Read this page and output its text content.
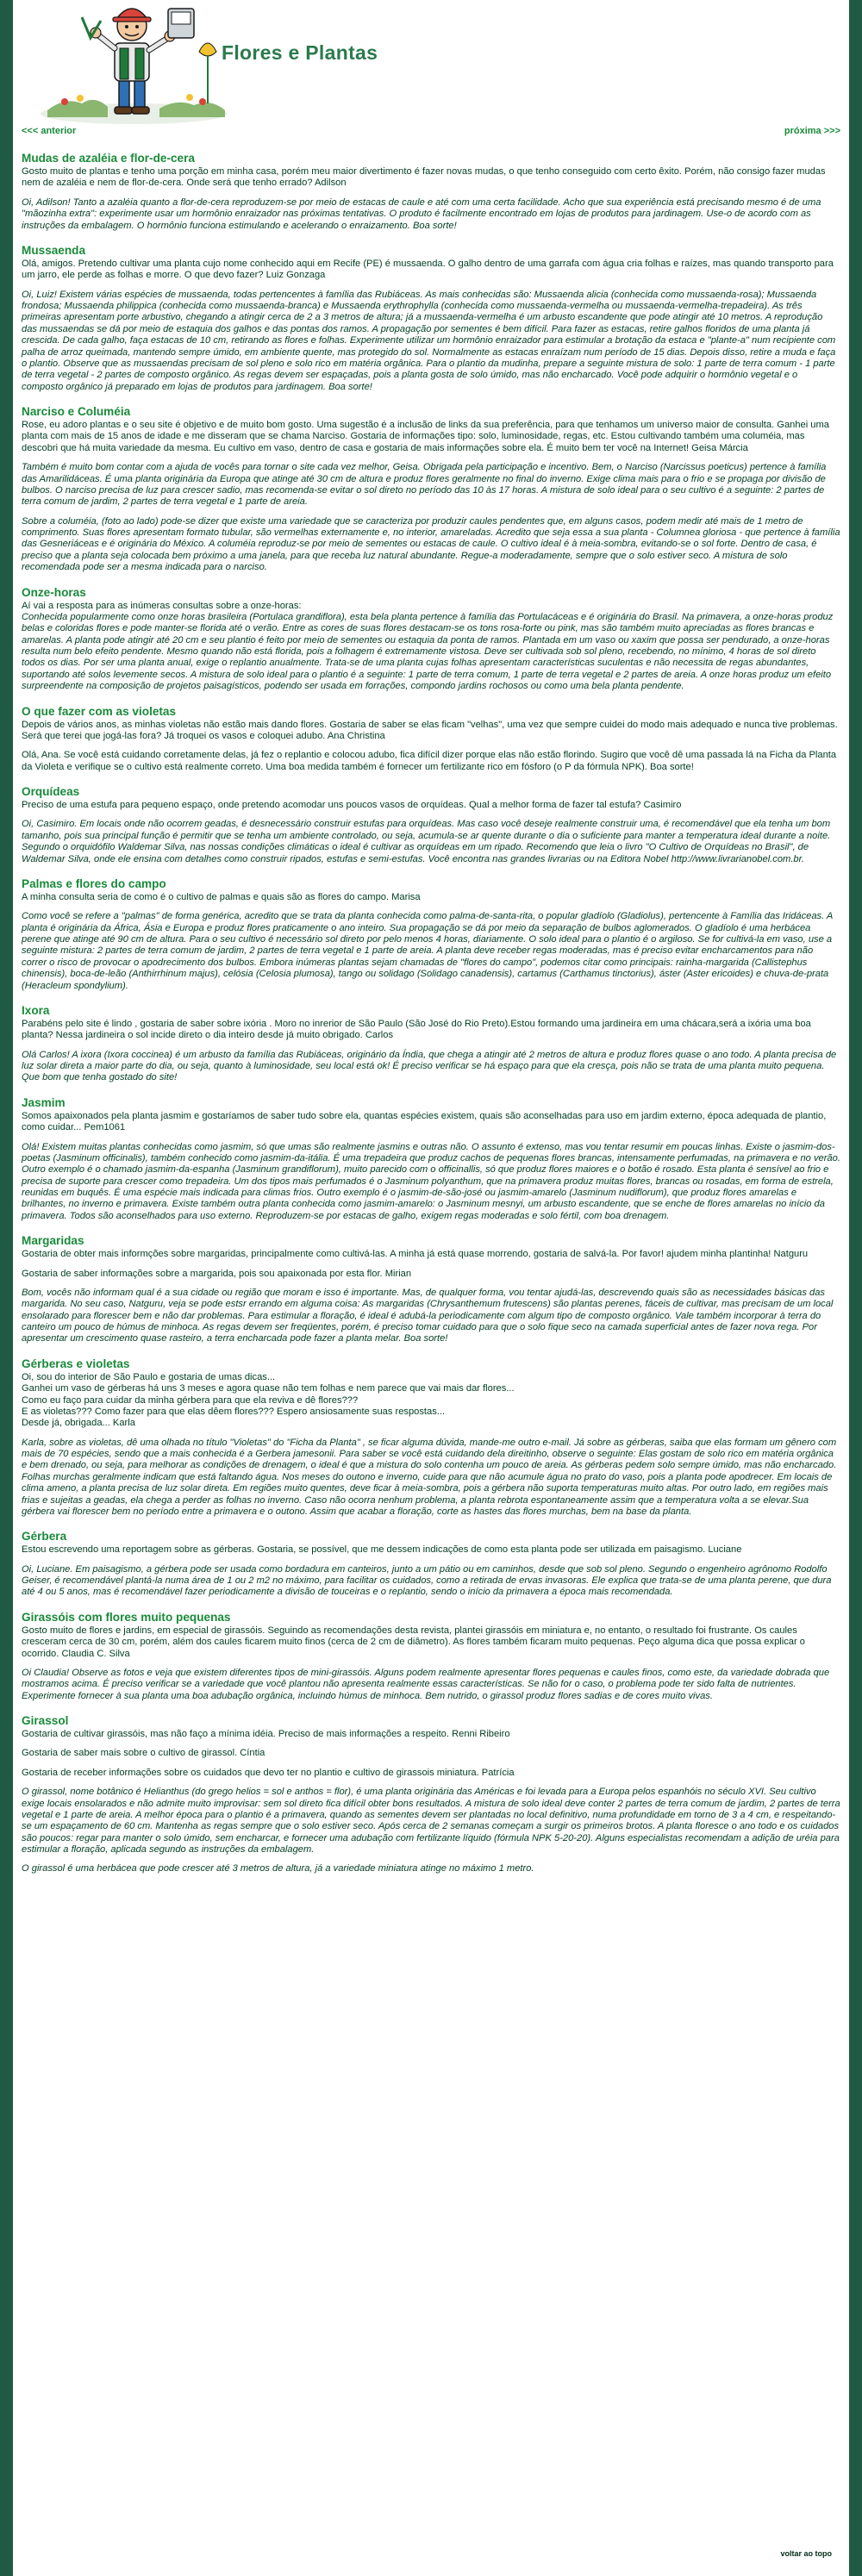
Flores e Plantas
<<< anterior	próxima >>>
Mudas de azaléia e flor-de-cera

Gosto muito de plantas e tenho uma porção em minha casa, porém meu maior divertimento é fazer novas mudas, o que tenho conseguido com certo êxito. Porém, não consigo fazer mudas nem de azaléia e nem de flor-de-cera. Onde será que tenho errado? Adilson

Oi, Adilson! Tanto a azaléia quanto a flor-de-cera reproduzem-se por meio de estacas de caule e até com uma certa facilidade. Acho que sua experiência está precisando mesmo é de uma "mãozinha extra": experimente usar um hormônio enraizador nas próximas tentativas. O produto é facilmente encontrado em lojas de produtos para jardinagem. Use-o de acordo com as instruções da embalagem. O hormônio funciona estimulando e acelerando o enraizamento. Boa sorte!

Mussaenda

Olá, amigos. Pretendo cultivar uma planta cujo nome conhecido aqui em Recife (PE) é mussaenda. O galho dentro de uma garrafa com água cria folhas e raízes, mas quando transporto para um jarro, ele perde as folhas e morre. O que devo fazer? Luiz Gonzaga

Oi, Luiz! Existem várias espécies de mussaenda, todas pertencentes à família das Rubiáceas. As mais conhecidas são: Mussaenda alicia (conhecida como mussaenda-rosa); Mussaenda frondosa; Mussaenda philippica (conhecida como mussaenda-branca) e Mussaenda erythrophylla (conhecida como mussaenda-vermelha ou mussaenda-vermelha-trepadeira). As três primeiras apresentam porte arbustivo, chegando a atingir cerca de 2 a 3 metros de altura; já a mussaenda-vermelha é um arbusto escandente que pode atingir até 10 metros. A reprodução das mussaendas se dá por meio de estaquia dos galhos e das pontas dos ramos. A propagação por sementes é bem difícil. Para fazer as estacas, retire galhos floridos de uma planta já crescida. De cada galho, faça estacas de 10 cm, retirando as flores e folhas. Experimente utilizar um hormônio enraizador para estimular a brotação da estaca e "plante-a" num recipiente com palha de arroz queimada, mantendo sempre úmido, em ambiente quente, mas protegido do sol. Normalmente as estacas enraízam num período de 15 dias. Depois disso, retire a muda e faça o plantio. Observe que as mussaendas precisam de sol pleno e solo rico em matéria orgânica. Para o plantio da mudinha, prepare a seguinte mistura de solo: 1 parte de terra comum - 1 parte de terra vegetal - 2 partes de composto orgânico. As regas devem ser espaçadas, pois a planta gosta de solo úmido, mas não encharcado. Você pode adquirir o hormônio vegetal e o composto orgânico já preparado em lojas de produtos para jardinagem. Boa sorte!

Narciso e Columéia

Rose, eu adoro plantas e o seu site é objetivo e de muito bom gosto. Uma sugestão é a inclusão de links da sua preferência, para que tenhamos um universo maior de consulta. Ganhei uma planta com mais de 15 anos de idade e me disseram que se chama Narciso. Gostaria de informações tipo: solo, luminosidade, regas, etc. Estou cultivando também uma columéia, mas descobri que há muita variedade da mesma. Eu cultivo em vaso, dentro de casa e gostaria de mais informações sobre ela. É muito bem ter você na Internet! Geisa Márcia

Também é muito bom contar com a ajuda de vocês para tornar o site cada vez melhor, Geisa. Obrigada pela participação e incentivo. Bem, o Narciso (Narcissus poeticus) pertence à família das Amarilidáceas. É uma planta originária da Europa que atinge até 30 cm de altura e produz flores geralmente no final do inverno. Exige clima mais para o frio e se propaga por divisão de bulbos. O narciso precisa de luz para crescer sadio, mas recomenda-se evitar o sol direto no período das 10 às 17 horas. A mistura de solo ideal para o seu cultivo é a seguinte: 2 partes de terra comum de jardim, 2 partes de terra vegetal e 1 parte de areia.

Sobre a columéia, (foto ao lado) pode-se dizer que existe uma variedade que se caracteriza por produzir caules pendentes que, em alguns casos, podem medir até mais de 1 metro de comprimento. Suas flores apresentam formato tubular, são vermelhas externamente e, no interior, amareladas. Acredito que seja essa a sua planta - Columnea gloriosa - que pertence à família das Gesneriáceas e é originária do México. A columéia reproduz-se por meio de sementes ou estacas de caule. O cultivo ideal é à meia-sombra, evitando-se o sol forte. Dentro de casa, é preciso que a planta seja colocada bem próximo a uma janela, para que receba luz natural abundante. Regue-a moderadamente, sempre que o solo estiver seco. A mistura de solo recomendada pode ser a mesma indicada para o narciso.

Onze-horas

Aí vai a resposta para as inúmeras consultas sobre a onze-horas:

Conhecida popularmente como onze horas brasileira (Portulaca grandiflora), esta bela planta pertence à família das Portulacáceas e é originária do Brasil. Na primavera, a onze-horas produz belas e coloridas flores e pode manter-se florida até o verão. Entre as cores de suas flores destacam-se os tons rosa-forte ou pink, mas são também muito apreciadas as flores brancas e amarelas. A planta pode atingir até 20 cm e seu plantio é feito por meio de sementes ou estaquia da ponta de ramos. Plantada em um vaso ou xaxim que possa ser pendurado, a onze-horas resulta num belo efeito pendente. Mesmo quando não está florida, pois a folhagem é extremamente vistosa. Deve ser cultivada sob sol pleno, recebendo, no mínimo, 4 horas de sol direto todos os dias. Por ser uma planta anual, exige o replantio anualmente. Trata-se de uma planta cujas folhas apresentam características suculentas e não necessita de regas abundantes, suportando até solos levemente secos. A mistura de solo ideal para o plantio é a seguinte: 1 parte de terra comum, 1 parte de terra vegetal e 2 partes de areia. A onze horas produz um efeito surpreendente na composição de projetos paisagísticos, podendo ser usada em forrações, compondo jardins rochosos ou como uma bela planta pendente.

O que fazer com as violetas

Depois de vários anos, as minhas violetas não estão mais dando flores. Gostaria de saber se elas ficam "velhas", uma vez que sempre cuidei do modo mais adequado e nunca tive problemas. Será que terei que jogá-las fora? Já troquei os vasos e coloquei adubo. Ana Christina

Olá, Ana. Se você está cuidando corretamente delas, já fez o replantio e colocou adubo, fica difícil dizer porque elas não estão florindo. Sugiro que você dê uma passada lá na Ficha da Planta da Violeta e verifique se o cultivo está realmente correto. Uma boa medida também é fornecer um fertilizante rico em fósforo (o P da fórmula NPK). Boa sorte!

Orquídeas

Preciso de uma estufa para pequeno espaço, onde pretendo acomodar uns poucos vasos de orquídeas. Qual a melhor forma de fazer tal estufa? Casimiro

Oi, Casimiro. Em locais onde não ocorrem geadas, é desnecessário construir estufas para orquídeas. Mas caso você deseje realmente construir uma, é recomendável que ela tenha um bom tamanho, pois sua principal função é permitir que se tenha um ambiente controlado, ou seja, acumula-se ar quente durante o dia o suficiente para manter a temperatura ideal durante a noite. Segundo o orquidófilo Waldemar Silva, nas nossas condições climáticas o ideal é cultivar as orquídeas em um ripado. Recomendo que leia o livro "O Cultivo de Orquídeas no Brasil", de Waldemar Silva, onde ele ensina com detalhes como construir ripados, estufas e semi-estufas. Você encontra nas grandes livrarias ou na Editora Nobel http://www.livrarianobel.com.br.

Palmas e flores do campo

A minha consulta seria de como é o cultivo de palmas e quais são as flores do campo. Marisa

Como você se refere a "palmas" de forma genérica, acredito que se trata da planta conhecida como palma-de-santa-rita, o popular gladíolo (Gladiolus), pertencente à Família das Iridáceas. A planta é originária da África, Ásia e Europa e produz flores praticamente o ano inteiro. Sua propagação se dá por meio da separação de bulbos aglomerados. O gladíolo é uma herbácea perene que atinge até 90 cm de altura. Para o seu cultivo é necessário sol direto por pelo menos 4 horas, diariamente. O solo ideal para o plantio é o argiloso. Se for cultivá-la em vaso, use a seguinte mistura: 2 partes de terra comum de jardim, 2 partes de terra vegetal e 1 parte de areia. A planta deve receber regas moderadas, mas é preciso evitar encharcamentos para não correr o risco de provocar o apodrecimento dos bulbos. Embora inúmeras plantas sejam chamadas de "flores do campo", podemos citar como principais: rainha-margarida (Callistephus chinensis), boca-de-leão (Anthirrhinum majus), celósia (Celosia plumosa), tango ou solidago (Solidago canadensis), cartamus (Carthamus tinctorius), áster (Aster ericoides) e chuva-de-prata (Heracleum spondylium).

Ixora

Parabéns pelo site é lindo , gostaria de saber sobre ixória . Moro no inrerior de São Paulo (São José do Rio Preto).Estou formando uma jardineira em uma chácara,será a ixória uma boa planta? Nessa jardineira o sol incide direto o dia inteiro desde já muito obrigado. Carlos

Olá Carlos! A ixora (Ixora coccinea) é um arbusto da família das Rubiáceas, originário da Índia, que chega a atingir até 2 metros de altura e produz flores quase o ano todo. A planta precisa de luz solar direta a maior parte do dia, ou seja, quanto à luminosidade, seu local está ok! É preciso verificar se há espaço para que ela cresça, pois não se trata de uma planta muito pequena. Que bom que tenha gostado do site!

Jasmim

Somos apaixonados pela planta jasmim e gostaríamos de saber tudo sobre ela, quantas espécies existem, quais são aconselhadas para uso em jardim externo, época adequada de plantio, como cuidar... Pem1061

Olá! Existem muitas plantas conhecidas como jasmim, só que umas são realmente jasmins e outras não. O assunto é extenso, mas vou tentar resumir em poucas linhas. Existe o jasmim-dos-poetas (Jasminum officinalis), também conhecido como jasmim-da-itália. É uma trepadeira que produz cachos de pequenas flores brancas, intensamente perfumadas, na primavera e no verão. Outro exemplo é o chamado jasmim-da-espanha (Jasminum grandiflorum), muito parecido com o officinallis, só que produz flores maiores e o botão é rosado. Esta planta é sensível ao frio e precisa de suporte para crescer como trepadeira. Um dos tipos mais perfumados é o Jasminum polyanthum, que na primavera produz muitas flores, brancas ou rosadas, em forma de estrela, reunidas em buquês. É uma espécie mais indicada para climas frios. Outro exemplo é o jasmim-de-são-josé ou jasmim-amarelo (Jasminum nudiflorum), que produz flores amarelas e brilhantes, no inverno e primavera. Existe também outra planta conhecida como jasmim-amarelo: o Jasminum mesnyi, um arbusto escandente, que se enche de flores amarelas no início da primavera. Todos são aconselhados para uso externo. Reproduzem-se por estacas de galho, exigem regas moderadas e solo fértil, com boa drenagem.

Margaridas

Gostaria de obter mais informções sobre margaridas, principalmente como cultivá-las. A minha já está quase morrendo, gostaria de salvá-la. Por favor! ajudem minha plantinha! Natguru

Gostaria de saber informações sobre a margarida, pois sou apaixonada por esta flor. Mirian

Bom, vocês não informam qual é a sua cidade ou região que moram e isso é importante. Mas, de qualquer forma, vou tentar ajudá-las, descrevendo quais são as necessidades básicas das margarida. No seu caso, Natguru, veja se pode estsr errando em alguma coisa: As margaridas (Chrysanthemum frutescens) são plantas perenes, fáceis de cultivar, mas precisam de um local ensolarado para florescer bem e não dar problemas. Para estimular a floração, é ideal é adubá-la periodicamente com algum tipo de composto orgânico. Vale também incorporar à terra do canteiro um pouco de húmus de minhoca. As regas devem ser freqüentes, porém, é preciso tomar cuidado para que o solo fique seco na camada superficial antes de fazer nova rega. Por apresentar um crescimento quase rasteiro, a terra encharcada pode fazer a planta melar. Boa sorte!

Gérberas e violetas

Oi, sou do interior de São Paulo e gostaria de umas dicas...

Ganhei um vaso de gérberas há uns 3 meses e agora quase não tem folhas e nem parece que vai mais dar flores...

Como eu faço para cuidar da minha gérbera para que ela reviva e dê flores???

E as violetas??? Como fazer para que elas dêem flores??? Espero ansiosamente suas respostas...

Desde já, obrigada... Karla

Karla, sobre as violetas, dê uma olhada no título "Violetas" do "Ficha da Planta" , se ficar alguma dúvida, mande-me outro e-mail. Já sobre as gérberas, saiba que elas formam um gênero com mais de 70 espécies, sendo que a mais conhecida é a Gerbera jamesonii. Para saber se você está cuidando dela direitinho, observe o seguinte: Elas gostam de solo rico em matéria orgânica e bem drenado, ou seja, para melhorar as condições de drenagem, o ideal é que a mistura do solo contenha um pouco de areia. As gérberas pedem solo sempre úmido, mas não encharcado. Folhas murchas geralmente indicam que está faltando água. Nos meses do outono e inverno, cuide para que não acumule água no prato do vaso, pois a planta pode apodrecer. Em locais de clima ameno, a planta precisa de luz solar direta. Em regiões muito quentes, deve ficar à meia-sombra, pois a gérbera não suporta temperaturas muito altas. Por outro lado, em regiões mais frias e sujeitas a geadas, ela chega a perder as folhas no inverno. Caso não ocorra nenhum problema, a planta rebrota espontaneamente assim que a temperatura volta a se elevar.Sua gérbera vai florescer bem no período entre a primavera e o outono. Assim que acabar a floração, corte as hastes das flores murchas, bem na base da planta.

Gérbera

Estou escrevendo uma reportagem sobre as gérberas. Gostaria, se possível, que me dessem indicações de como esta planta pode ser utilizada em paisagismo. Luciane

Oi, Luciane. Em paisagismo, a gérbera pode ser usada como bordadura em canteiros, junto a um pátio ou em caminhos, desde que sob sol pleno. Segundo o engenheiro agrônomo Rodolfo Geiser, é recomendável plantá-la numa área de 1 ou 2 m2 no máximo, para facilitar os cuidados, como a retirada de ervas invasoras. Ele explica que trata-se de uma planta perene, que dura até 4 ou 5 anos, mas é recomendável fazer periodicamente a divisão de touceiras e o replantio, sendo o início da primavera a época mais recomendada.

Girassóis com flores muito pequenas

Gosto muito de flores e jardins, em especial de girassóis. Seguindo as recomendações desta revista, plantei girassóis em miniatura e, no entanto, o resultado foi frustrante. Os caules cresceram cerca de 30 cm, porém, além dos caules ficarem muito finos (cerca de 2 cm de diâmetro). As flores também ficaram muito pequenas. Peço alguma dica que possa explicar o ocorrido. Claudia C. Silva

Oi Claudia! Observe as fotos e veja que existem diferentes tipos de mini-girassóis. Alguns podem realmente apresentar flores pequenas e caules finos, como este, da variedade dobrada que mostramos acima. É preciso verificar se a variedade que você plantou não apresenta realmente essas características. Se não for o caso, o problema pode ter sido falta de nutrientes. Experimente fornecer à sua planta uma boa adubação orgânica, incluindo húmus de minhoca. Bem nutrido, o girassol produz flores sadias e de cores muito vivas.

Girassol

Gostaria de cultivar girassóis, mas não faço a mínima idéia. Preciso de mais informações a respeito. Renni Ribeiro

Gostaria de saber mais sobre o cultivo de girassol. Cíntia

Gostaria de receber informações sobre os cuidados que devo ter no plantio e cultivo de girassois miniatura. Patrícia

O girassol, nome botânico é Helianthus (do grego helios = sol e anthos = flor), é uma planta originária das Américas e foi levada para a Europa pelos espanhóis no século XVI. Seu cultivo exige locais ensolarados e não admite muito improvisar: sem sol direto fica difícil obter bons resultados. A mistura de solo ideal deve conter 2 partes de terra comum de jardim, 2 partes de terra vegetal e 1 parte de areia. A melhor época para o plantio é a primavera, quando as sementes devem ser plantadas no local definitivo, numa profundidade em torno de 3 a 4 cm, e respeitando-se um espaçamento de 60 cm. Mantenha as regas sempre que o solo estiver seco. Após cerca de 2 semanas começam a surgir os primeiros brotos. A planta floresce o ano todo e os cuidados são poucos: regar para manter o solo úmido, sem encharcar, e fornecer uma adubação com fertilizante líquido (fórmula NPK 5-20-20). Alguns especialistas recomendam a adição de uréia para estimular a floração, aplicada segundo as instruções da embalagem.

O girassol é uma herbácea que pode crescer até 3 metros de altura, já a variedade miniatura atinge no máximo 1 metro.

voltar ao topo
